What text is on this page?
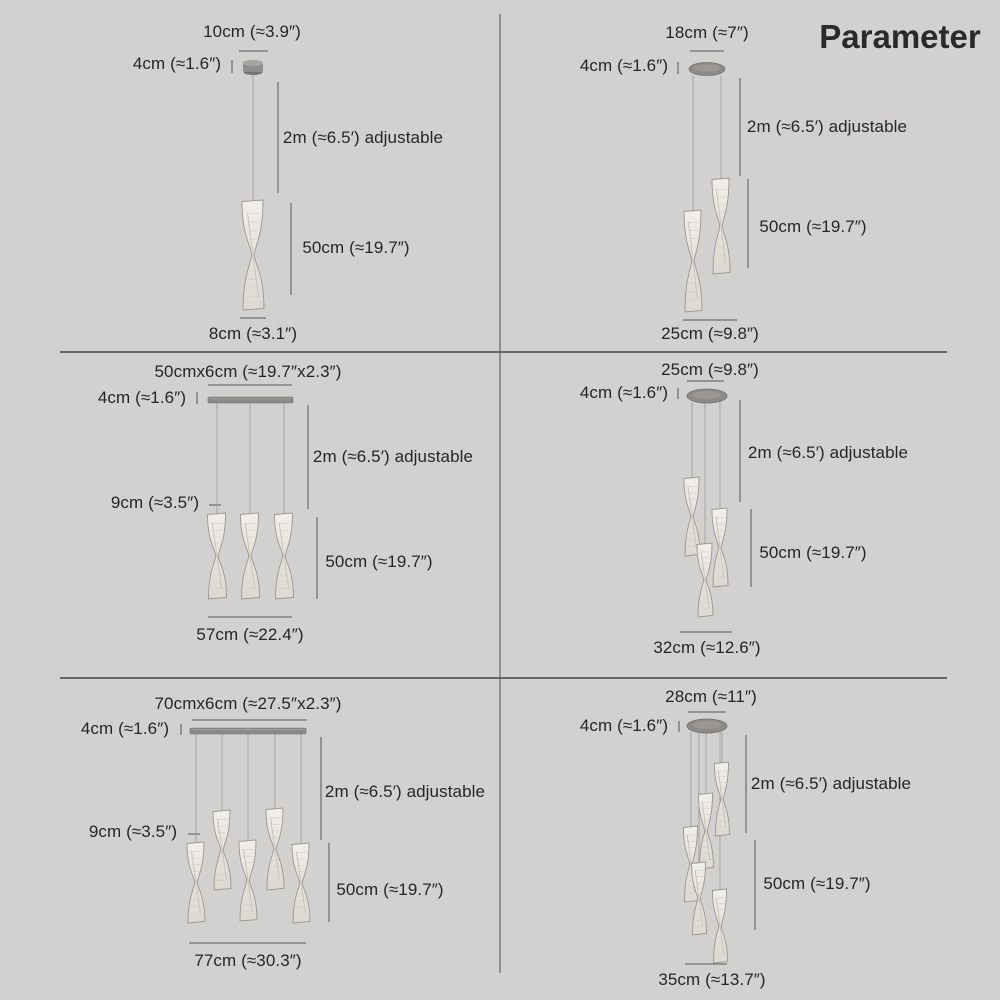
Parameter
10cm (≈3.9″)
4cm (≈1.6″)
2m (≈6.5′) adjustable
50cm (≈19.7″)
8cm (≈3.1″)
18cm (≈7″)
4cm (≈1.6″)
2m (≈6.5′) adjustable
50cm (≈19.7″)
25cm (≈9.8″)
50cmx6cm (≈19.7″x2.3″)
4cm (≈1.6″)
2m (≈6.5′) adjustable
9cm (≈3.5″)
50cm (≈19.7″)
57cm (≈22.4″)
25cm (≈9.8″)
4cm (≈1.6″)
2m (≈6.5′) adjustable
50cm (≈19.7″)
32cm (≈12.6″)
70cmx6cm (≈27.5″x2.3″)
4cm (≈1.6″)
2m (≈6.5′) adjustable
9cm (≈3.5″)
50cm (≈19.7″)
77cm (≈30.3″)
28cm (≈11″)
4cm (≈1.6″)
2m (≈6.5′) adjustable
50cm (≈19.7″)
35cm (≈13.7″)
